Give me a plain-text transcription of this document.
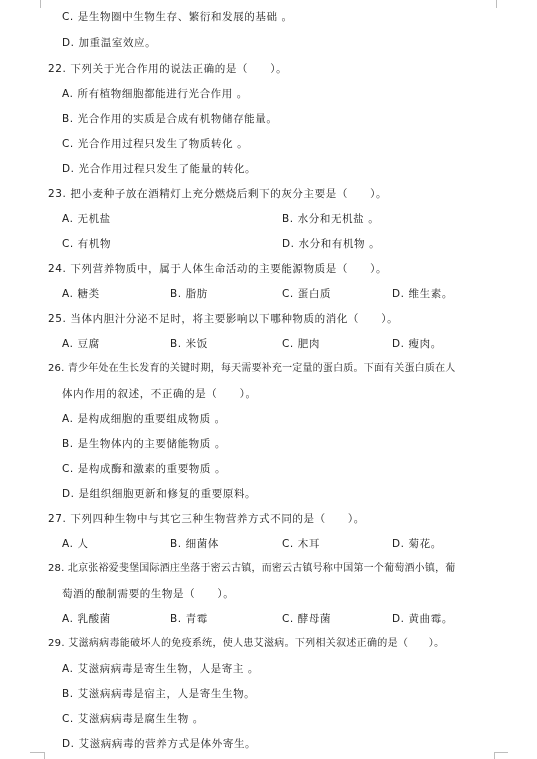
C. 是生物圈中生物生存、繁衍和发展的基础 。
D. 加重温室效应。
22. 下列关于光合作用的说法正确的是（　　）。
A. 所有植物细胞都能进行光合作用 。
B. 光合作用的实质是合成有机物储存能量。
C. 光合作用过程只发生了物质转化 。
D. 光合作用过程只发生了能量的转化。
23. 把小麦种子放在酒精灯上充分燃烧后剩下的灰分主要是（　　）。
A. 无机盐	B. 水分和无机盐 。
C. 有机物	D. 水分和有机物 。
24. 下列营养物质中，属于人体生命活动的主要能源物质是（　　）。
A. 糖类	B. 脂肪	C. 蛋白质	D. 维生素。
25. 当体内胆汁分泌不足时，将主要影响以下哪种物质的消化（　　）。
A. 豆腐	B. 米饭	C. 肥肉	D. 瘦肉。
26. 青少年处在生长发育的关键时期，每天需要补充一定量的蛋白质。下面有关蛋白质在人
体内作用的叙述，不正确的是（　　）。
A. 是构成细胞的重要组成物质 。
B. 是生物体内的主要储能物质 。
C. 是构成酶和激素的重要物质 。
D. 是组织细胞更新和修复的重要原料。
27. 下列四种生物中与其它三种生物营养方式不同的是（　　）。
A. 人	B. 细菌体	C. 木耳	D. 菊花。
28. 北京张裕爱斐堡国际酒庄坐落于密云古镇，而密云古镇号称中国第一个葡萄酒小镇，葡
萄酒的酿制需要的生物是（　　）。
A. 乳酸菌	B. 青霉	C. 酵母菌	D. 黄曲霉。
29. 艾滋病病毒能破坏人的免疫系统，使人患艾滋病。下列相关叙述正确的是（　　）。
A. 艾滋病病毒是寄生生物，人是寄主 。
B. 艾滋病病毒是宿主，人是寄生生物。
C. 艾滋病病毒是腐生生物 。
D. 艾滋病病毒的营养方式是体外寄生。
